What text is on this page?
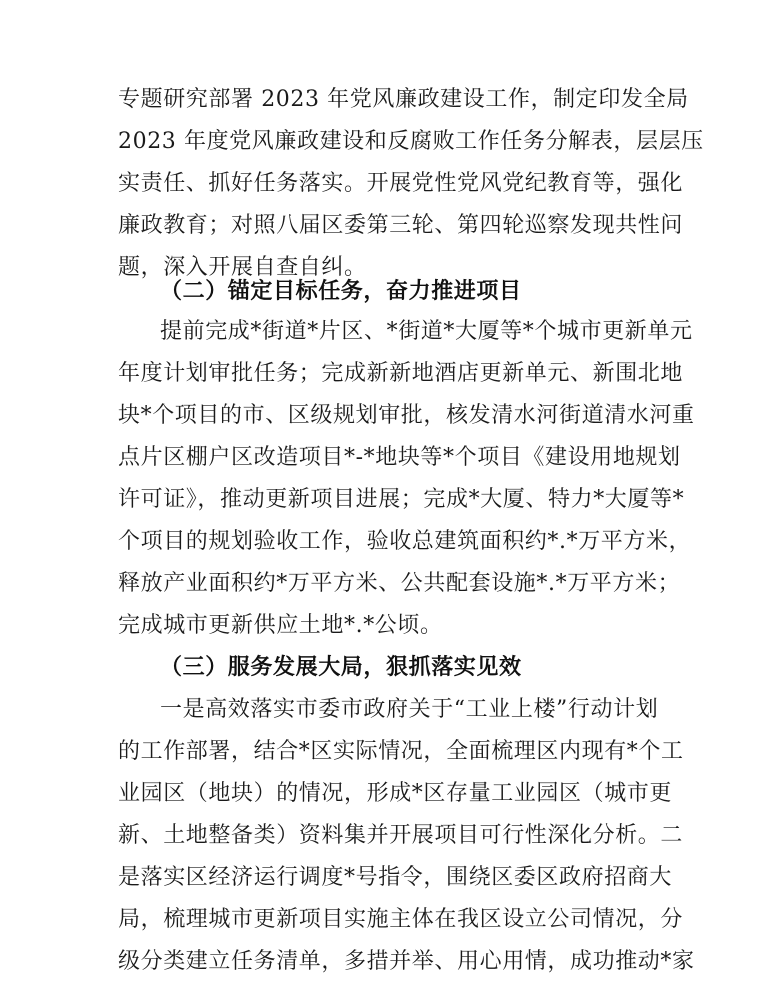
专题研究部署 2023 年党风廉政建设工作，制定印发全局
2023 年度党风廉政建设和反腐败工作任务分解表，层层压
实责任、抓好任务落实。开展党性党风党纪教育等，强化
廉政教育；对照八届区委第三轮、第四轮巡察发现共性问
题，深入开展自查自纠。
（二）锚定目标任务，奋力推进项目
提前完成*街道*片区、*街道*大厦等*个城市更新单元
年度计划审批任务；完成新新地酒店更新单元、新围北地
块*个项目的市、区级规划审批，核发清水河街道清水河重
点片区棚户区改造项目*-*地块等*个项目《建设用地规划
许可证》，推动更新项目进展；完成*大厦、特力*大厦等*
个项目的规划验收工作，验收总建筑面积约*.*万平方米，
释放产业面积约*万平方米、公共配套设施*.*万平方米；
完成城市更新供应土地*.*公顷。
（三）服务发展大局，狠抓落实见效
一是高效落实市委市政府关于“工业上楼”行动计划
的工作部署，结合*区实际情况，全面梳理区内现有*个工
业园区（地块）的情况，形成*区存量工业园区（城市更
新、土地整备类）资料集并开展项目可行性深化分析。二
是落实区经济运行调度*号指令，围绕区委区政府招商大
局，梳理城市更新项目实施主体在我区设立公司情况，分
级分类建立任务清单，多措并举、用心用情，成功推动*家
